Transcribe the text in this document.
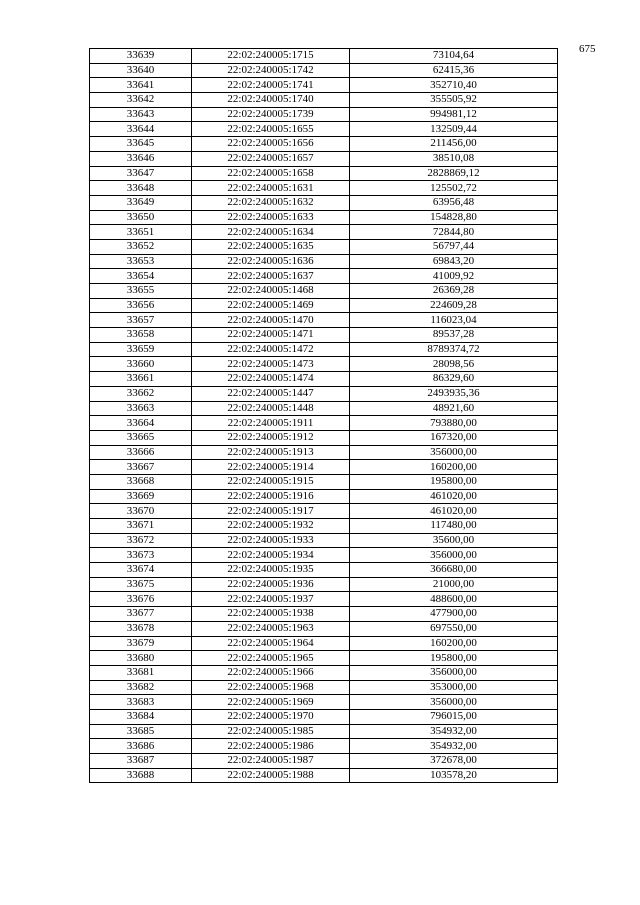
675
33639	22:02:240005:1715	73104,64
33640	22:02:240005:1742	62415,36
33641	22:02:240005:1741	352710,40
33642	22:02:240005:1740	355505,92
33643	22:02:240005:1739	994981,12
33644	22:02:240005:1655	132509,44
33645	22:02:240005:1656	211456,00
33646	22:02:240005:1657	38510,08
33647	22:02:240005:1658	2828869,12
33648	22:02:240005:1631	125502,72
33649	22:02:240005:1632	63956,48
33650	22:02:240005:1633	154828,80
33651	22:02:240005:1634	72844,80
33652	22:02:240005:1635	56797,44
33653	22:02:240005:1636	69843,20
33654	22:02:240005:1637	41009,92
33655	22:02:240005:1468	26369,28
33656	22:02:240005:1469	224609,28
33657	22:02:240005:1470	116023,04
33658	22:02:240005:1471	89537,28
33659	22:02:240005:1472	8789374,72
33660	22:02:240005:1473	28098,56
33661	22:02:240005:1474	86329,60
33662	22:02:240005:1447	2493935,36
33663	22:02:240005:1448	48921,60
33664	22:02:240005:1911	793880,00
33665	22:02:240005:1912	167320,00
33666	22:02:240005:1913	356000,00
33667	22:02:240005:1914	160200,00
33668	22:02:240005:1915	195800,00
33669	22:02:240005:1916	461020,00
33670	22:02:240005:1917	461020,00
33671	22:02:240005:1932	117480,00
33672	22:02:240005:1933	35600,00
33673	22:02:240005:1934	356000,00
33674	22:02:240005:1935	366680,00
33675	22:02:240005:1936	21000,00
33676	22:02:240005:1937	488600,00
33677	22:02:240005:1938	477900,00
33678	22:02:240005:1963	697550,00
33679	22:02:240005:1964	160200,00
33680	22:02:240005:1965	195800,00
33681	22:02:240005:1966	356000,00
33682	22:02:240005:1968	353000,00
33683	22:02:240005:1969	356000,00
33684	22:02:240005:1970	796015,00
33685	22:02:240005:1985	354932,00
33686	22:02:240005:1986	354932,00
33687	22:02:240005:1987	372678,00
33688	22:02:240005:1988	103578,20
